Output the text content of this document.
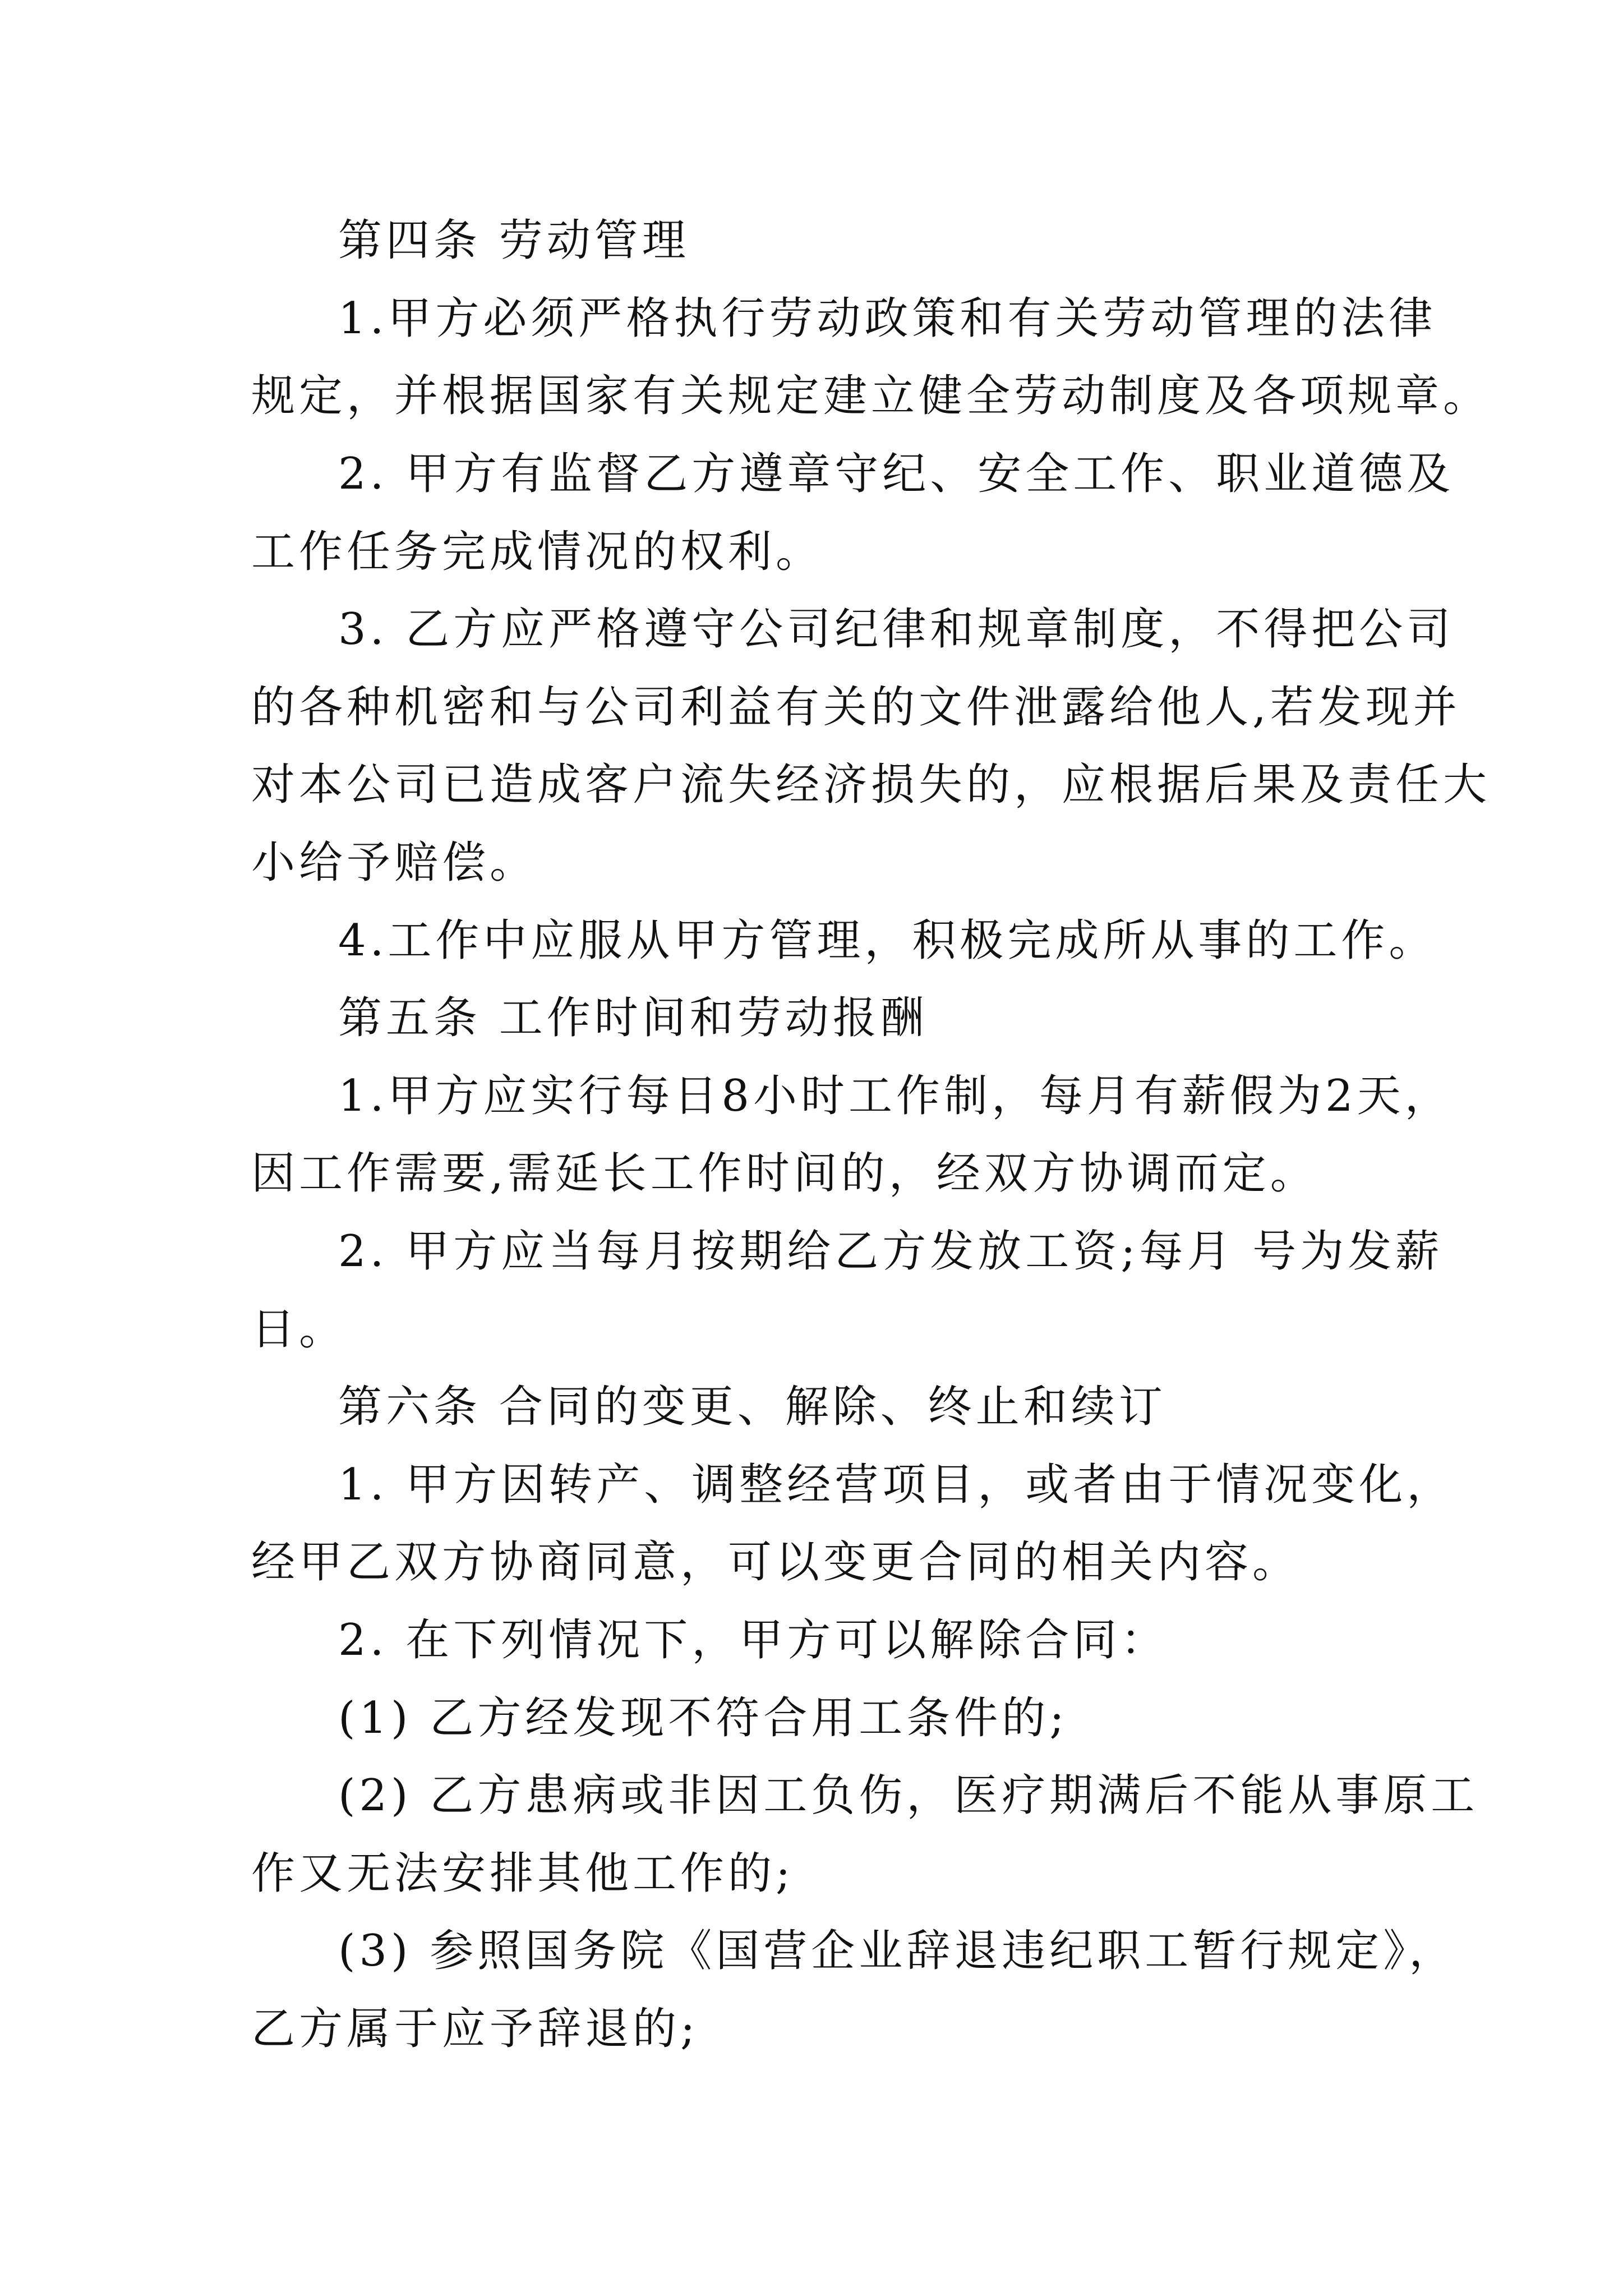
第四条 劳动管理
1.甲方必须严格执行劳动政策和有关劳动管理的法律
规定，并根据国家有关规定建立健全劳动制度及各项规章。
2. 甲方有监督乙方遵章守纪、安全工作、职业道德及
工作任务完成情况的权利。
3. 乙方应严格遵守公司纪律和规章制度，不得把公司
的各种机密和与公司利益有关的文件泄露给他人,若发现并
对本公司已造成客户流失经济损失的，应根据后果及责任大
小给予赔偿。
4.工作中应服从甲方管理，积极完成所从事的工作。
第五条 工作时间和劳动报酬
1.甲方应实行每日8小时工作制，每月有薪假为2天，
因工作需要,需延长工作时间的，经双方协调而定。
2. 甲方应当每月按期给乙方发放工资;每月 号为发薪
日。
第六条 合同的变更、解除、终止和续订
1. 甲方因转产、调整经营项目，或者由于情况变化，
经甲乙双方协商同意，可以变更合同的相关内容。
2. 在下列情况下，甲方可以解除合同：
(1) 乙方经发现不符合用工条件的;
(2) 乙方患病或非因工负伤，医疗期满后不能从事原工
作又无法安排其他工作的;
(3) 参照国务院《国营企业辞退违纪职工暂行规定》，
乙方属于应予辞退的;
